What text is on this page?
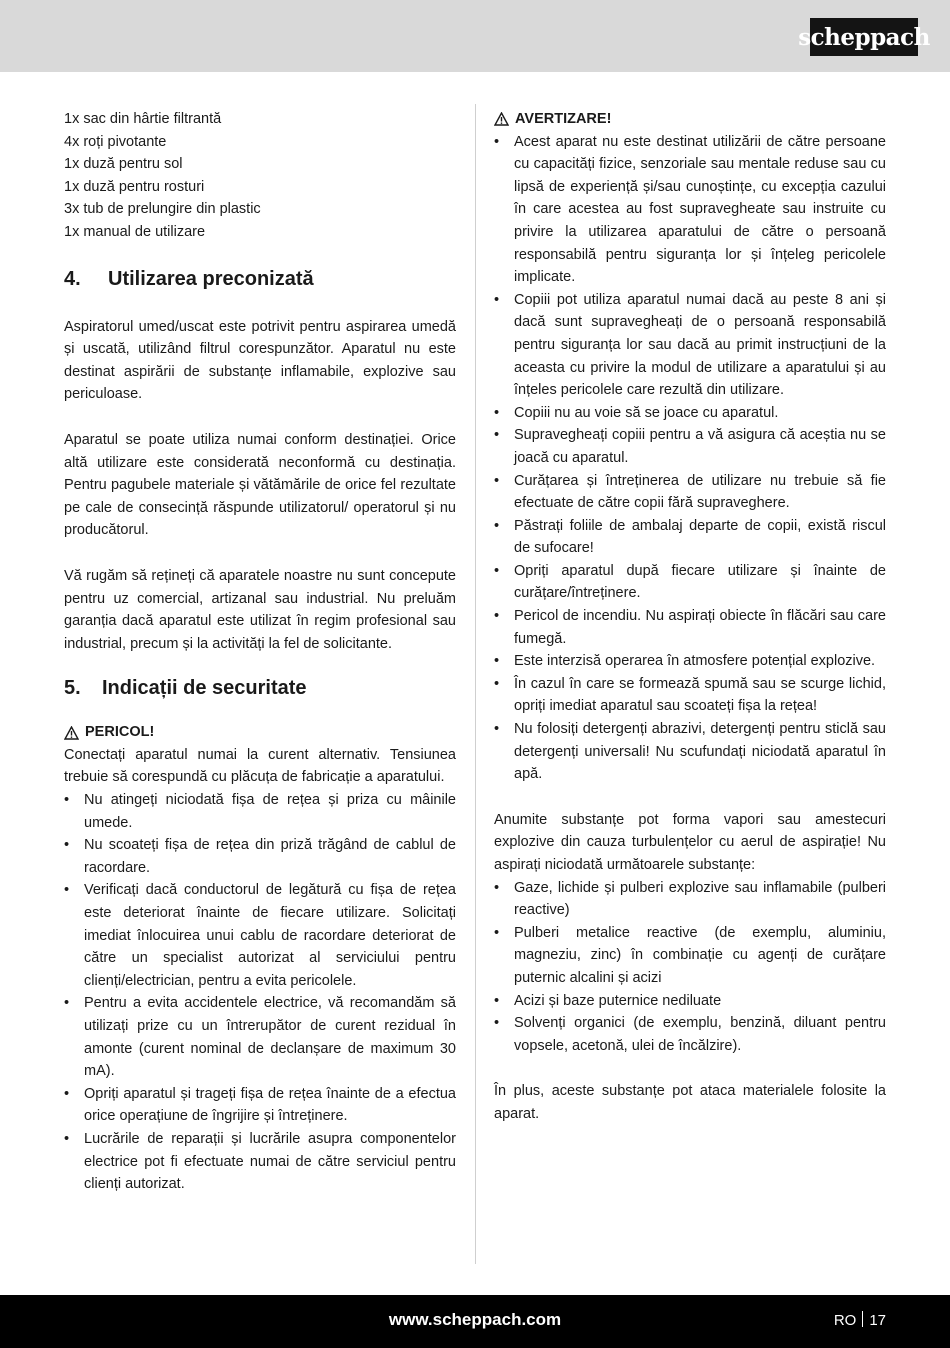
scheppach
1x sac din hârtie filtrantă
4x roți pivotante
1x duză pentru sol
1x duză pentru rosturi
3x tub de prelungire din plastic
1x manual de utilizare
4.	Utilizarea preconizată

Aspiratorul umed/uscat este potrivit pentru aspirarea umedă și uscată, utilizând filtrul corespunzător. Aparatul nu este destinat aspirării de substanțe inflamabile, explozive sau periculoase.

Aparatul se poate utiliza numai conform destinației. Orice altă utilizare este considerată neconformă cu destinația. Pentru pagubele materiale și vătămările de orice fel rezultate pe cale de consecință răspunde utilizatorul/ operatorul și nu producătorul.

Vă rugăm să rețineți că aparatele noastre nu sunt concepute pentru uz comercial, artizanal sau industrial. Nu preluăm garanția dacă aparatul este utilizat în regim profesional sau industrial, precum și la activități la fel de solicitante.

5.	Indicații de securitate
PERICOL!

Conectați aparatul numai la curent alternativ. Tensiunea trebuie să corespundă cu plăcuța de fabricație a aparatului.

• Nu atingeți niciodată fișa de rețea și priza cu mâinile umede.
• Nu scoateți fișa de rețea din priză trăgând de cablul de racordare.
• Verificați dacă conductorul de legătură cu fișa de rețea este deteriorat înainte de fiecare utilizare. Solicitați imediat înlocuirea unui cablu de racordare deteriorat de către un specialist autorizat al serviciului pentru clienți/electrician, pentru a evita pericolele.
• Pentru a evita accidentele electrice, vă recomandăm să utilizați prize cu un întrerupător de curent rezidual în amonte (curent nominal de declanșare de maximum 30 mA).
• Opriți aparatul și trageți fișa de rețea înainte de a efectua orice operațiune de îngrijire și întreținere.
• Lucrările de reparații și lucrările asupra componentelor electrice pot fi efectuate numai de către serviciul pentru clienți autorizat.
AVERTIZARE!
• Acest aparat nu este destinat utilizării de către persoane cu capacități fizice, senzoriale sau mentale reduse sau cu lipsă de experiență și/sau cunoștințe, cu excepția cazului în care acestea au fost supravegheate sau instruite cu privire la utilizarea aparatului de către o persoană responsabilă pentru siguranța lor și înțeleg pericolele implicate.
• Copiii pot utiliza aparatul numai dacă au peste 8 ani și dacă sunt supravegheați de o persoană responsabilă pentru siguranța lor sau dacă au primit instrucțiuni de la aceasta cu privire la modul de utilizare a aparatului și au înțeles pericolele care rezultă din utilizare.
• Copiii nu au voie să se joace cu aparatul.
• Supravegheați copiii pentru a vă asigura că aceștia nu se joacă cu aparatul.
• Curățarea și întreținerea de utilizare nu trebuie să fie efectuate de către copii fără supraveghere.
• Păstrați foliile de ambalaj departe de copii, există riscul de sufocare!
• Opriți aparatul după fiecare utilizare și înainte de curățare/întreținere.
• Pericol de incendiu. Nu aspirați obiecte în flăcări sau care fumegă.
• Este interzisă operarea în atmosfere potențial explozive.
• În cazul în care se formează spumă sau se scurge lichid, opriți imediat aparatul sau scoateți fișa la rețea!
• Nu folosiți detergenți abrazivi, detergenți pentru sticlă sau detergenți universali! Nu scufundați niciodată aparatul în apă.

Anumite substanțe pot forma vapori sau amestecuri explozive din cauza turbulențelor cu aerul de aspirație! Nu aspirați niciodată următoarele substanțe:

• Gaze, lichide și pulberi explozive sau inflamabile (pulberi reactive)
• Pulberi metalice reactive (de exemplu, aluminiu, magneziu, zinc) în combinație cu agenți de curățare puternic alcalini și acizi
• Acizi și baze puternice nediluate
• Solvenți organici (de exemplu, benzină, diluant pentru vopsele, acetonă, ulei de încălzire).

În plus, aceste substanțe pot ataca materialele folosite la aparat.

www.scheppach.com	RO 17
